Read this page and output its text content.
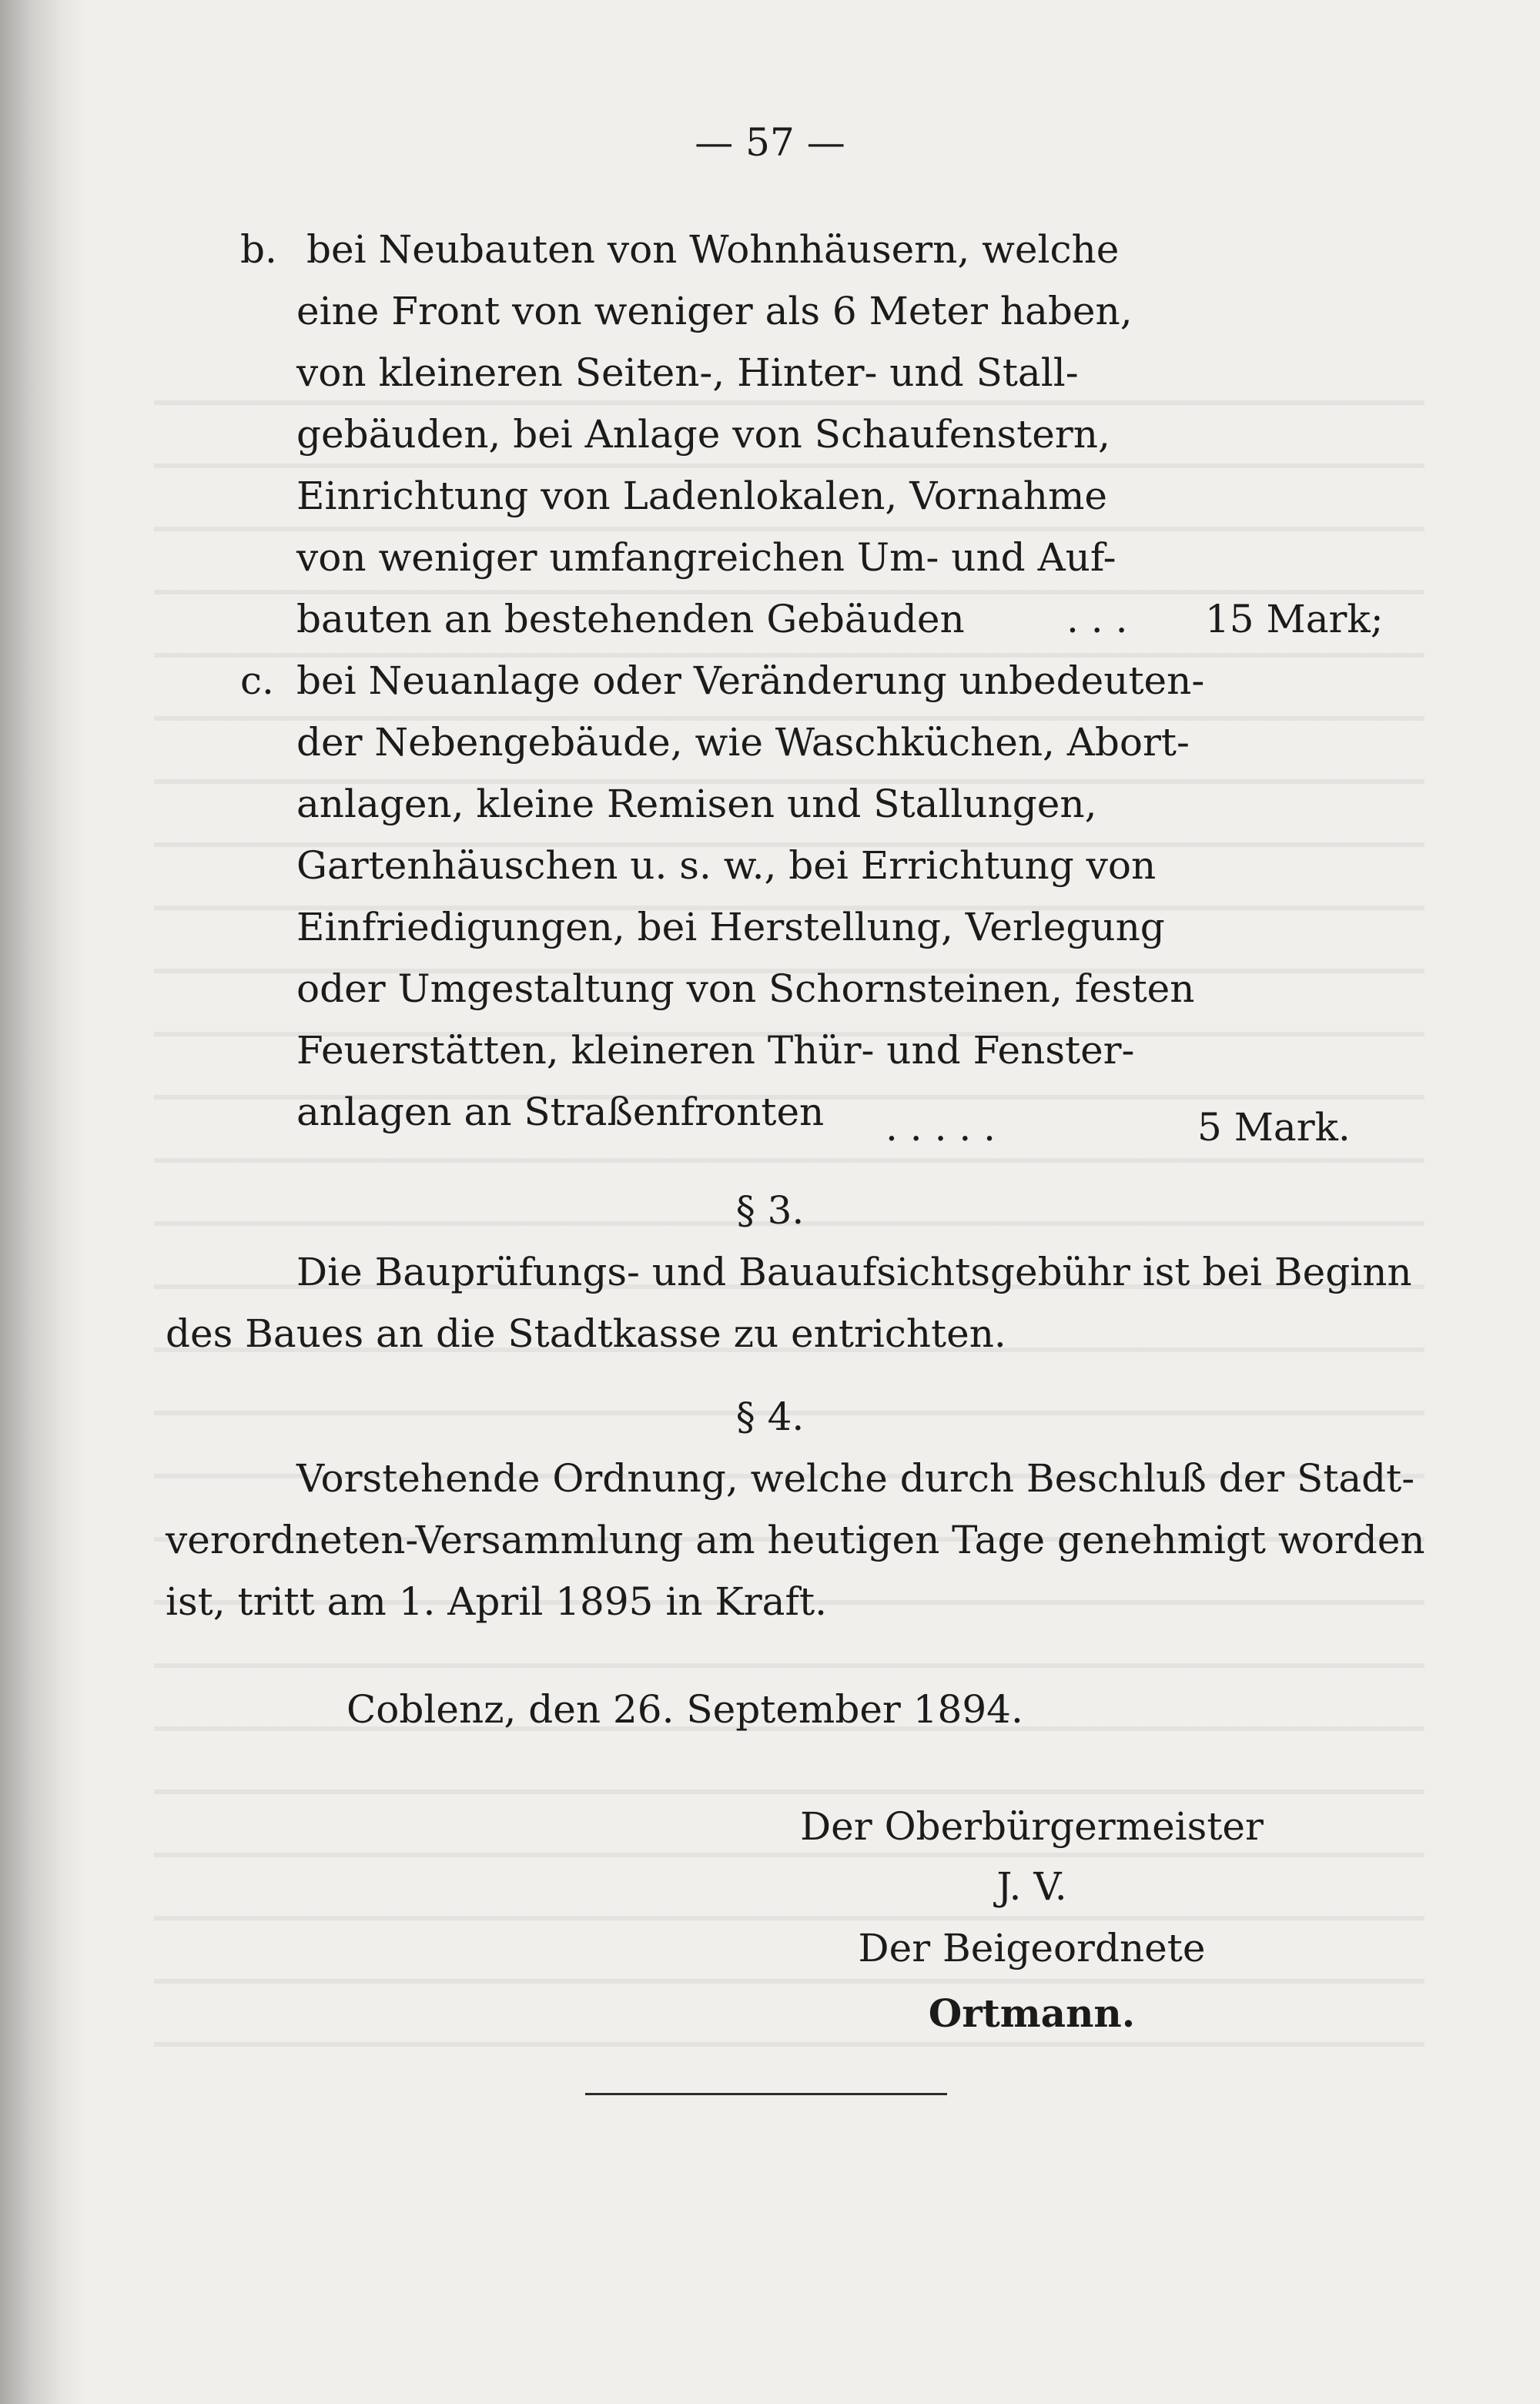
— 57 —
b. bei Neubauten von Wohnhäusern, welche
eine Front von weniger als 6 Meter haben,
von kleineren Seiten-, Hinter- und Stall-
gebäuden, bei Anlage von Schaufenstern,
Einrichtung von Ladenlokalen, Vornahme
von weniger umfangreichen Um- und Auf-
bauten an bestehenden Gebäuden	. . . 15 Mark;
c. bei Neuanlage oder Veränderung unbedeuten-
der Nebengebäude, wie Waschküchen, Abort-
anlagen, kleine Remisen und Stallungen,
Gartenhäuschen u. s. w., bei Errichtung von
Einfriedigungen, bei Herstellung, Verlegung
oder Umgestaltung von Schornsteinen, festen
Feuerstätten, kleineren Thür- und Fenster-
anlagen an Straßenfronten . . . . .	5 Mark.
§ 3.
Die Bauprüfungs- und Bauaufsichtsgebühr ist bei Beginn
des Baues an die Stadtkasse zu entrichten.
§ 4.
Vorstehende Ordnung, welche durch Beschluß der Stadt-
verordneten-Versammlung am heutigen Tage genehmigt worden
ist, tritt am 1. April 1895 in Kraft.
Coblenz, den 26. September 1894.
Der Oberbürgermeister
J. V.
Der Beigeordnete
Ortmann.
